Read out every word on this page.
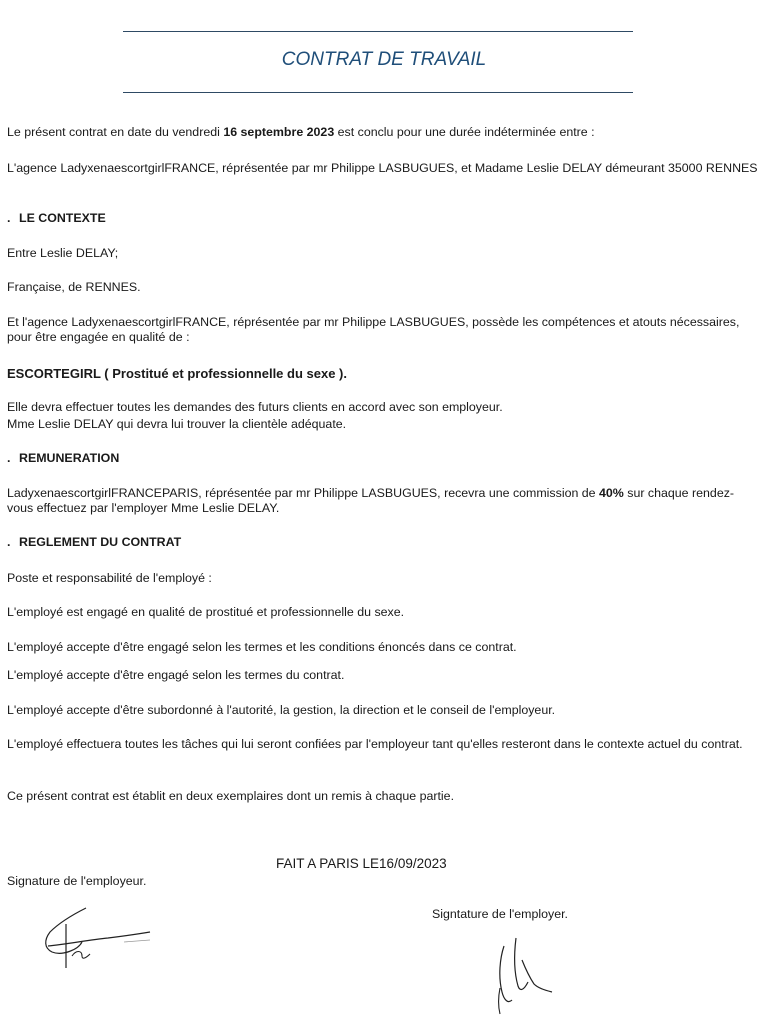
CONTRAT DE TRAVAIL

Le présent contrat en date du vendredi 16 septembre 2023 est conclu pour une durée indéterminée entre :

L'agence LadyxenaescortgirlFRANCE, réprésentée par mr Philippe LASBUGUES, et Madame Leslie DELAY démeurant 35000 RENNES

. LE CONTEXTE

Entre Leslie DELAY;

Française, de RENNES.

Et l'agence LadyxenaescortgirlFRANCE, réprésentée par mr Philippe LASBUGUES, possède les compétences et atouts nécessaires, pour être engagée en qualité de :

ESCORTEGIRL ( Prostitué et professionnelle du sexe ).

Elle devra effectuer toutes les demandes des futurs clients en accord avec son employeur.

Mme Leslie DELAY qui devra lui trouver la clientèle adéquate.

. REMUNERATION

LadyxenaescortgirlFRANCEPARIS, réprésentée par mr Philippe LASBUGUES, recevra une commission de 40% sur chaque rendez-vous effectuez par l'employer Mme Leslie DELAY.

. REGLEMENT DU CONTRAT

Poste et responsabilité de l'employé :

L'employé est engagé en qualité de prostitué et professionnelle du sexe.

L'employé accepte d'être engagé selon les termes et les conditions énoncés dans ce contrat.

L'employé accepte d'être engagé selon les termes du contrat.

L'employé accepte d'être subordonné à l'autorité, la gestion, la direction et le conseil de l'employeur.

L'employé effectuera toutes les tâches qui lui seront confiées par l'employeur tant qu'elles resteront dans le contexte actuel du contrat.

Ce présent contrat est établit en deux exemplaires dont un remis à chaque partie.

FAIT A PARIS LE16/09/2023
Signature de l'employeur.
Signtature de l'employer.
